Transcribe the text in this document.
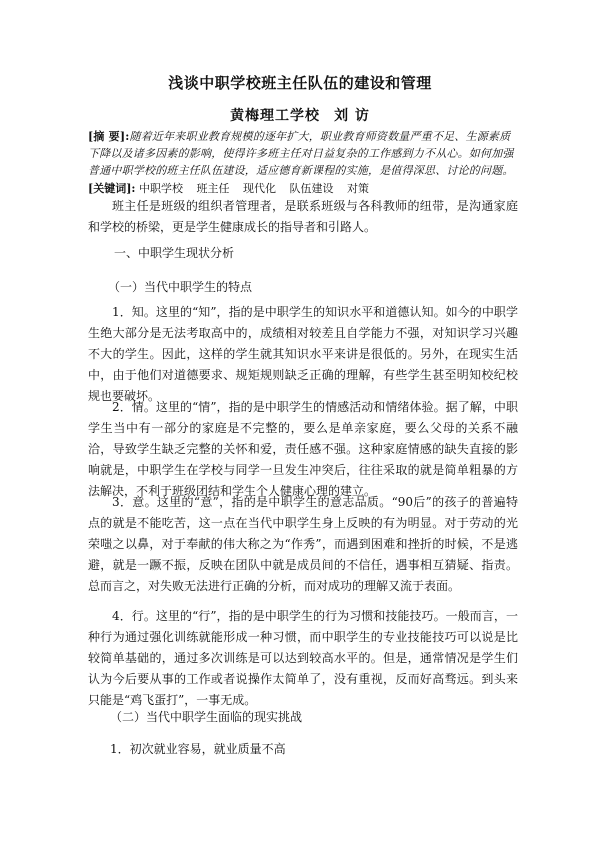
浅谈中职学校班主任队伍的建设和管理
黄梅理工学校 刘 访
[摘 要]:随着近年来职业教育规模的逐年扩大，职业教育师资数量严重不足、生源素质下降以及诸多因素的影响，使得许多班主任对日益复杂的工作感到力不从心。如何加强普通中职学校的班主任队伍建设，适应德育新课程的实施，是值得深思、讨论的问题。
[关键词]: 中职学校 班主任 现代化 队伍建设 对策
班主任是班级的组织者管理者，是联系班级与各科教师的纽带，是沟通家庭和学校的桥梁，更是学生健康成长的指导者和引路人。
一、中职学生现状分析
（一）当代中职学生的特点
1．知。这里的“知”，指的是中职学生的知识水平和道德认知。如今的中职学生绝大部分是无法考取高中的，成绩相对较差且自学能力不强，对知识学习兴趣不大的学生。因此，这样的学生就其知识水平来讲是很低的。另外，在现实生活中，由于他们对道德要求、规矩规则缺乏正确的理解，有些学生甚至明知校纪校规也要破坏。
2．情。这里的“情”，指的是中职学生的情感活动和情绪体验。据了解，中职学生当中有一部分的家庭是不完整的，要么是单亲家庭，要么父母的关系不融洽，导致学生缺乏完整的关怀和爱，责任感不强。这种家庭情感的缺失直接的影响就是，中职学生在学校与同学一旦发生冲突后，往往采取的就是简单粗暴的方法解决，不利于班级团结和学生个人健康心理的建立。
3．意。这里的“意”，指的是中职学生的意志品质。“90后”的孩子的普遍特点的就是不能吃苦，这一点在当代中职学生身上反映的有为明显。对于劳动的光荣嗤之以鼻，对于奉献的伟大称之为“作秀”，而遇到困难和挫折的时候，不是逃避，就是一蹶不振，反映在团队中就是成员间的不信任，遇事相互猜疑、指责。总而言之，对失败无法进行正确的分析，而对成功的理解又流于表面。
4．行。这里的“行”，指的是中职学生的行为习惯和技能技巧。一般而言，一种行为通过强化训练就能形成一种习惯，而中职学生的专业技能技巧可以说是比较简单基础的，通过多次训练是可以达到较高水平的。但是，通常情况是学生们认为今后要从事的工作或者说操作太简单了，没有重视，反而好高骛远。到头来只能是“鸡飞蛋打”，一事无成。
（二）当代中职学生面临的现实挑战
1．初次就业容易，就业质量不高
